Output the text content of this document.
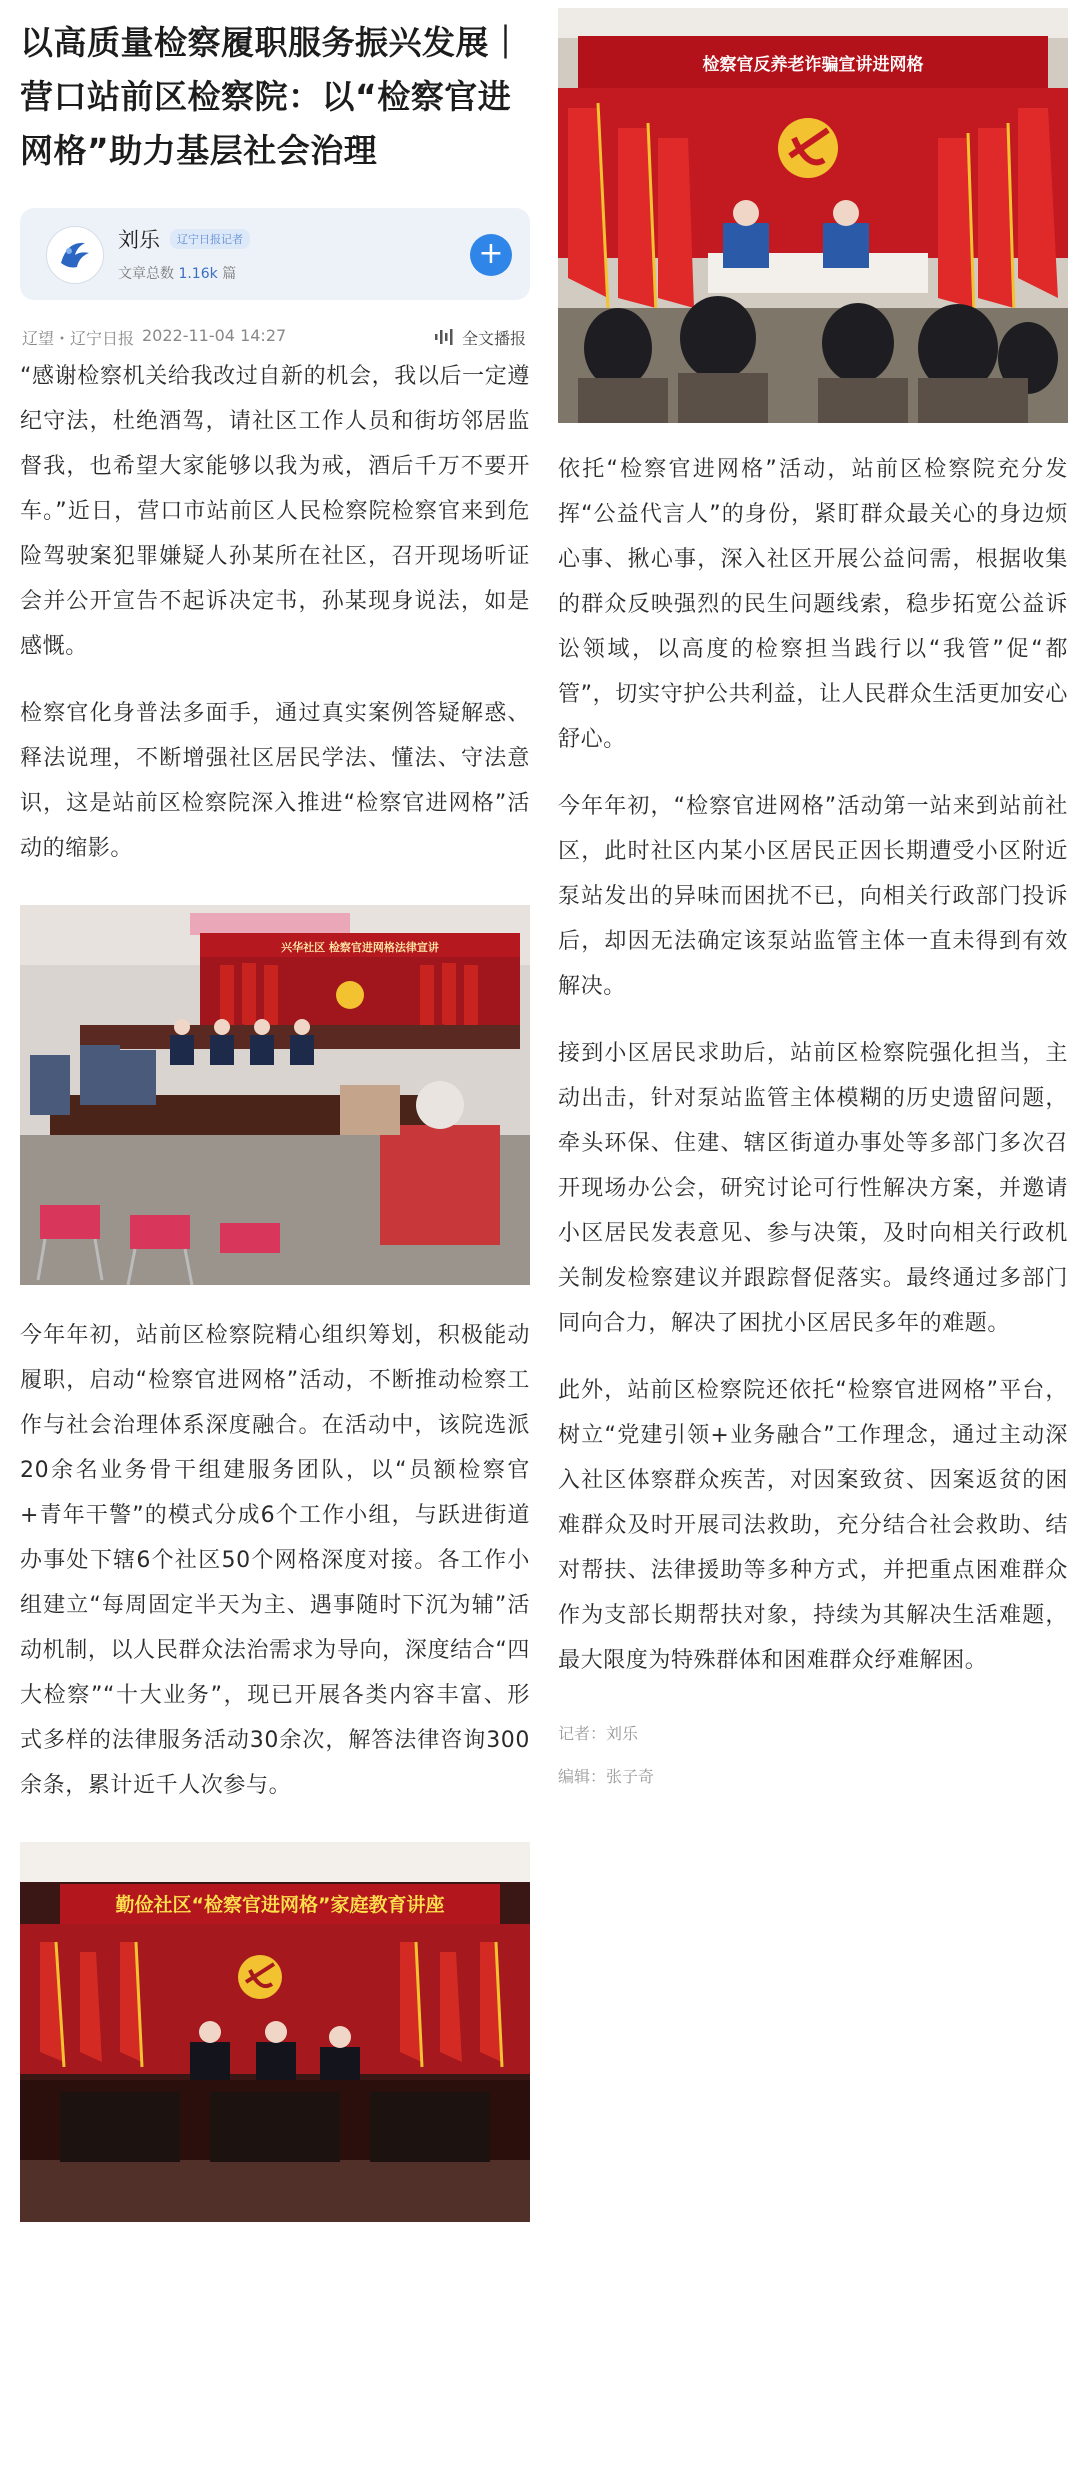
以高质量检察履职服务振兴发展｜营口站前区检察院：以“检察官进网格”助力基层社会治理
刘乐	辽宁日报记者
文章总数 1.16k 篇
+
辽望・辽宁日报 2022-11-04 14:27	全文播报

“感谢检察机关给我改过自新的机会，我以后一定遵纪守法，杜绝酒驾，请社区工作人员和街坊邻居监督我，也希望大家能够以我为戒，酒后千万不要开车。”近日，营口市站前区人民检察院检察官来到危险驾驶案犯罪嫌疑人孙某所在社区，召开现场听证会并公开宣告不起诉决定书，孙某现身说法，如是感慨。

检察官化身普法多面手，通过真实案例答疑解惑、释法说理，不断增强社区居民学法、懂法、守法意识，这是站前区检察院深入推进“检察官进网格”活动的缩影。

兴华社区 检察官进网格法律宣讲

今年年初，站前区检察院精心组织筹划，积极能动履职，启动“检察官进网格”活动，不断推动检察工作与社会治理体系深度融合。在活动中，该院选派20余名业务骨干组建服务团队，以“员额检察官+青年干警”的模式分成6个工作小组，与跃进街道办事处下辖6个社区50个网格深度对接。各工作小组建立“每周固定半天为主、遇事随时下沉为辅”活动机制，以人民群众法治需求为导向，深度结合“四大检察”“十大业务”，现已开展各类内容丰富、形式多样的法律服务活动30余次，解答法律咨询300余条，累计近千人次参与。

勤俭社区“检察官进网格”家庭教育讲座
检察官反养老诈骗宣讲进网格

依托“检察官进网格”活动，站前区检察院充分发挥“公益代言人”的身份，紧盯群众最关心的身边烦心事、揪心事，深入社区开展公益问需，根据收集的群众反映强烈的民生问题线索，稳步拓宽公益诉讼领域，以高度的检察担当践行以“我管”促“都管”，切实守护公共利益，让人民群众生活更加安心舒心。

今年年初，“检察官进网格”活动第一站来到站前社区，此时社区内某小区居民正因长期遭受小区附近泵站发出的异味而困扰不已，向相关行政部门投诉后，却因无法确定该泵站监管主体一直未得到有效解决。

接到小区居民求助后，站前区检察院强化担当，主动出击，针对泵站监管主体模糊的历史遗留问题，牵头环保、住建、辖区街道办事处等多部门多次召开现场办公会，研究讨论可行性解决方案，并邀请小区居民发表意见、参与决策，及时向相关行政机关制发检察建议并跟踪督促落实。最终通过多部门同向合力，解决了困扰小区居民多年的难题。

此外，站前区检察院还依托“检察官进网格”平台，树立“党建引领+业务融合”工作理念，通过主动深入社区体察群众疾苦，对因案致贫、因案返贫的困难群众及时开展司法救助，充分结合社会救助、结对帮扶、法律援助等多种方式，并把重点困难群众作为支部长期帮扶对象，持续为其解决生活难题，最大限度为特殊群体和困难群众纾难解困。

记者：刘乐
编辑：张子奇
